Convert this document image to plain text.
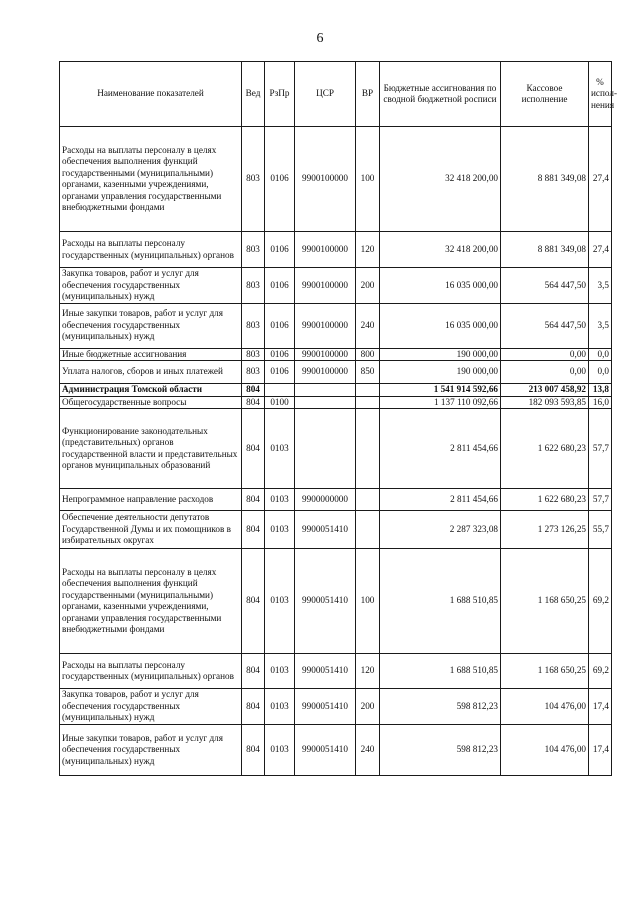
6
Наименование показателей	Вед	РзПр	ЦСР	ВР	Бюджетные ассигнования по сводной бюджетной росписи	Кассовое исполнение	% испол-нения
Расходы на выплаты персоналу в целях обеспечения выполнения функций государственными (муниципальными) органами, казенными учреждениями, органами управления государственными внебюджетными фондами	803	0106	9900100000	100	32 418 200,00	8 881 349,08	27,4
Расходы на выплаты персоналу государственных (муниципальных) органов	803	0106	9900100000	120	32 418 200,00	8 881 349,08	27,4
Закупка товаров, работ и услуг для обеспечения государственных (муниципальных) нужд	803	0106	9900100000	200	16 035 000,00	564 447,50	3,5
Иные закупки товаров, работ и услуг для обеспечения государственных (муниципальных) нужд	803	0106	9900100000	240	16 035 000,00	564 447,50	3,5
Иные бюджетные ассигнования	803	0106	9900100000	800	190 000,00	0,00	0,0
Уплата налогов, сборов и иных платежей	803	0106	9900100000	850	190 000,00	0,00	0,0
Администрация Томской области	804				1 541 914 592,66	213 007 458,92	13,8
Общегосударственные вопросы	804	0100			1 137 110 092,66	182 093 593,85	16,0
Функционирование законодательных (представительных) органов государственной власти и представительных органов муниципальных образований	804	0103			2 811 454,66	1 622 680,23	57,7
Непрограммное направление расходов	804	0103	9900000000		2 811 454,66	1 622 680,23	57,7
Обеспечение деятельности депутатов Государственной Думы и их помощников в избирательных округах	804	0103	9900051410		2 287 323,08	1 273 126,25	55,7
Расходы на выплаты персоналу в целях обеспечения выполнения функций государственными (муниципальными) органами, казенными учреждениями, органами управления государственными внебюджетными фондами	804	0103	9900051410	100	1 688 510,85	1 168 650,25	69,2
Расходы на выплаты персоналу государственных (муниципальных) органов	804	0103	9900051410	120	1 688 510,85	1 168 650,25	69,2
Закупка товаров, работ и услуг для обеспечения государственных (муниципальных) нужд	804	0103	9900051410	200	598 812,23	104 476,00	17,4
Иные закупки товаров, работ и услуг для обеспечения государственных (муниципальных) нужд	804	0103	9900051410	240	598 812,23	104 476,00	17,4
